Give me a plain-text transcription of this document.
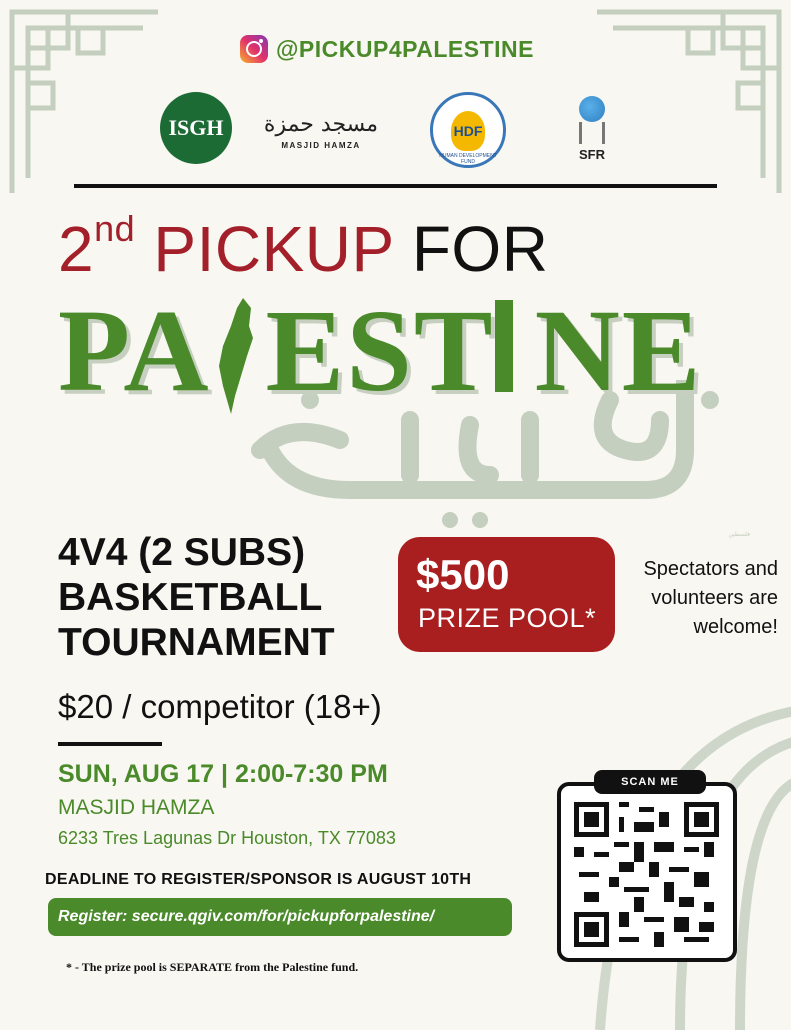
@PICKUP4PALESTINE
ISGH	مسجد حمزة
MASJID HAMZA
HDF
HUMAN DEVELOPMENT FUND	SFR
2nd PICKUP FOR
فلسطين
PA EST NE
4V4 (2 SUBS)
BASKETBALL
TOURNAMENT
$500
PRIZE POOL*
Spectators and volunteers are welcome!
$20 / competitor (18+)
SUN, AUG 17 | 2:00-7:30 PM
MASJID HAMZA
6233 Tres Lagunas Dr Houston, TX 77083
DEADLINE TO REGISTER/SPONSOR IS AUGUST 10TH
Register: secure.qgiv.com/for/pickupforpalestine/
* - The prize pool is SEPARATE from the Palestine fund.
SCAN ME
